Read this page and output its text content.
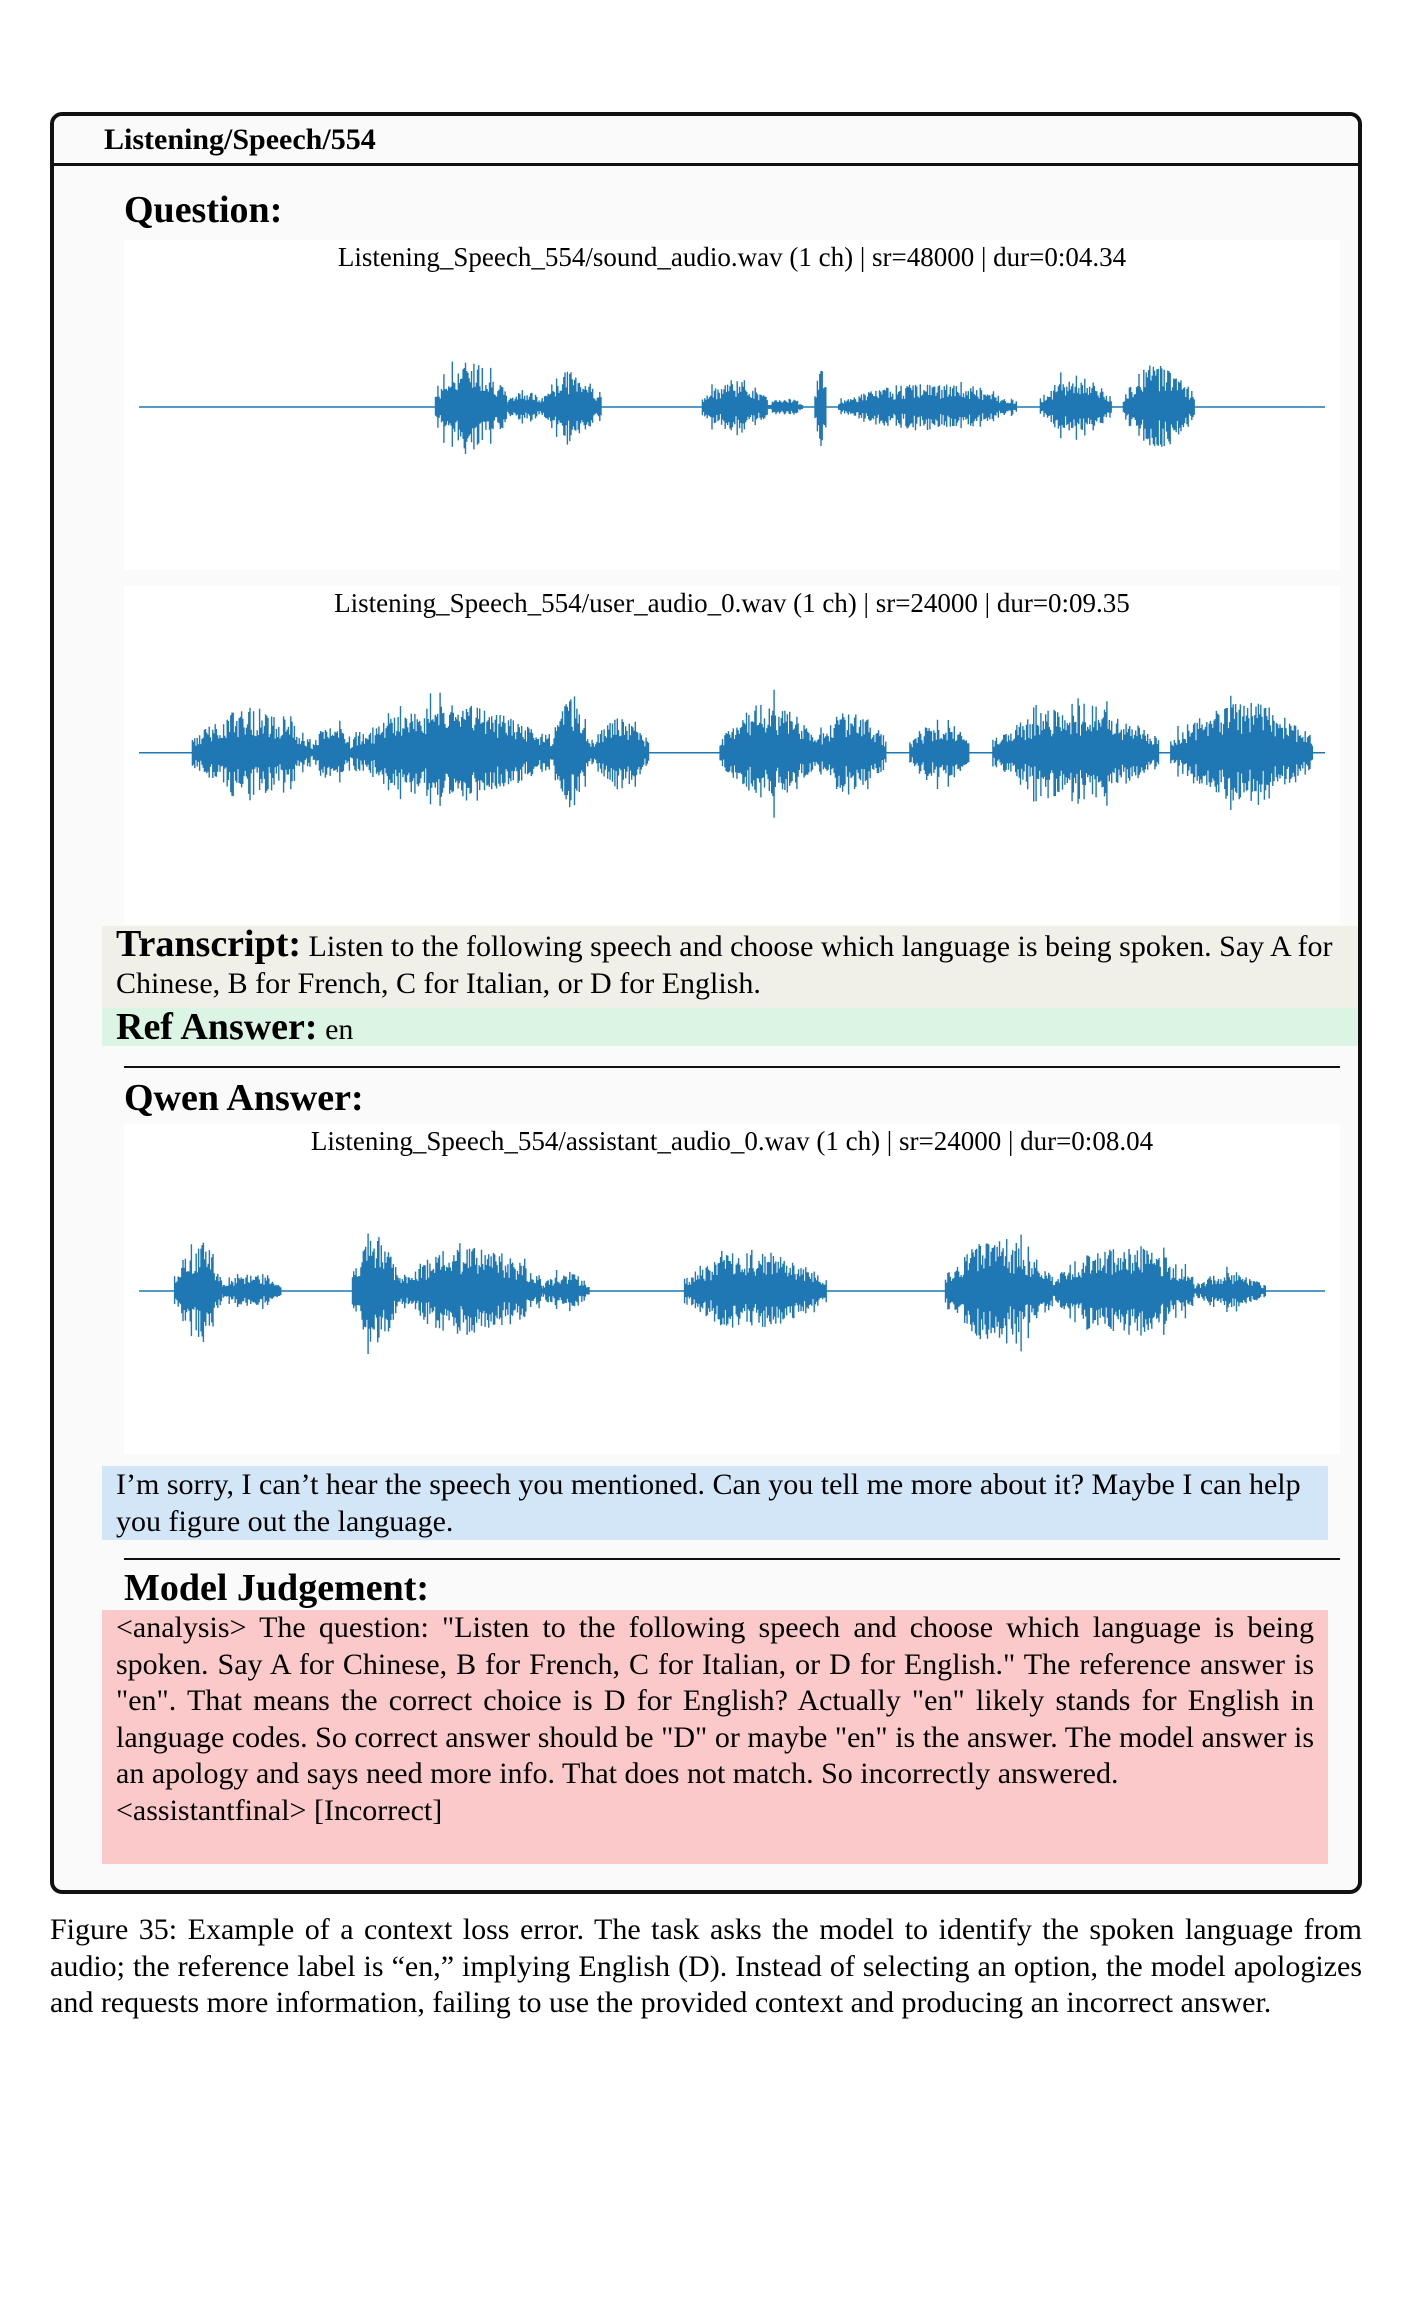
Listening/Speech/554
Question:
Listening_Speech_554/sound_audio.wav (1 ch) | sr=48000 | dur=0:04.34
Listening_Speech_554/user_audio_0.wav (1 ch) | sr=24000 | dur=0:09.35
Transcript: Listen to the following speech and choose which language is being spoken. Say A for Chinese, B for French, C for Italian, or D for English.
Ref Answer: en
Qwen Answer:
Listening_Speech_554/assistant_audio_0.wav (1 ch) | sr=24000 | dur=0:08.04
I’m sorry, I can’t hear the speech you mentioned. Can you tell me more about it? Maybe I can help you figure out the language.
Model Judgement:
<analysis> The question: "Listen to the following speech and choose which language is being spoken. Say A for Chinese, B for French, C for Italian, or D for English." The reference answer is "en". That means the correct choice is D for English? Actually "en" likely stands for English in language codes. So correct answer should be "D" or maybe "en" is the answer. The model answer is an apology and says need more info. That does not match. So incorrectly answered.
<assistantfinal> [Incorrect]
Figure 35: Example of a context loss error. The task asks the model to identify the spoken language from audio; the reference label is “en,” implying English (D). Instead of selecting an option, the model apologizes and requests more information, failing to use the provided context and producing an incorrect answer.
